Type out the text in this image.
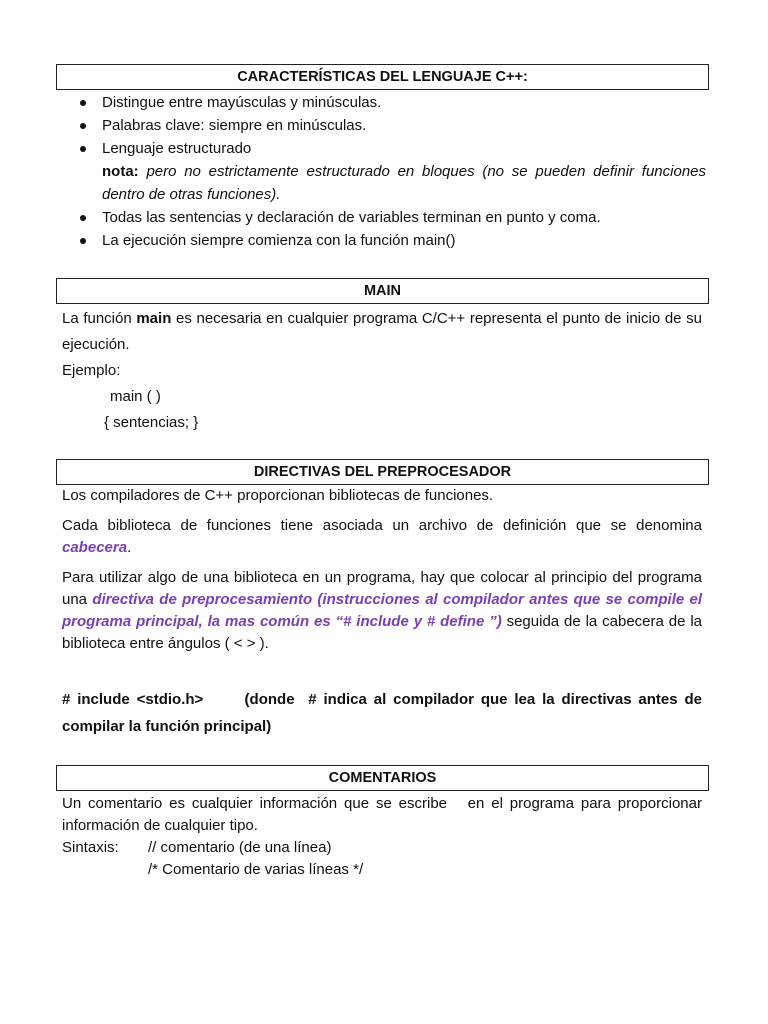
CARACTERÍSTICAS DEL LENGUAJE C++:
Distingue entre mayúsculas y minúsculas.
Palabras clave: siempre en minúsculas.
Lenguaje estructurado
nota: pero no estrictamente estructurado en bloques (no se pueden definir funciones dentro de otras funciones).
Todas las sentencias y declaración de variables terminan en punto y coma.
La ejecución siempre comienza con la función main()
MAIN
La función main es necesaria en cualquier programa C/C++ representa el punto de inicio de su ejecución.
Ejemplo:
main ( )
{ sentencias; }
DIRECTIVAS DEL PREPROCESADOR
Los compiladores de C++ proporcionan bibliotecas de funciones.
Cada biblioteca de funciones tiene asociada un archivo de definición que se denomina cabecera.
Para utilizar algo de una biblioteca en un programa, hay que colocar al principio del programa una directiva de preprocesamiento (instrucciones al compilador antes que se compile el programa principal, la mas común es “# include y # define ”) seguida de la cabecera de la biblioteca entre ángulos ( < > ).
# include <stdio.h>      (donde  # indica al compilador que lea la directivas antes de compilar la función principal)
COMENTARIOS
Un comentario es cualquier información que se escribe   en el programa para proporcionar información de cualquier tipo.
Sintaxis: // comentario (de una línea)
/* Comentario de varias líneas */
